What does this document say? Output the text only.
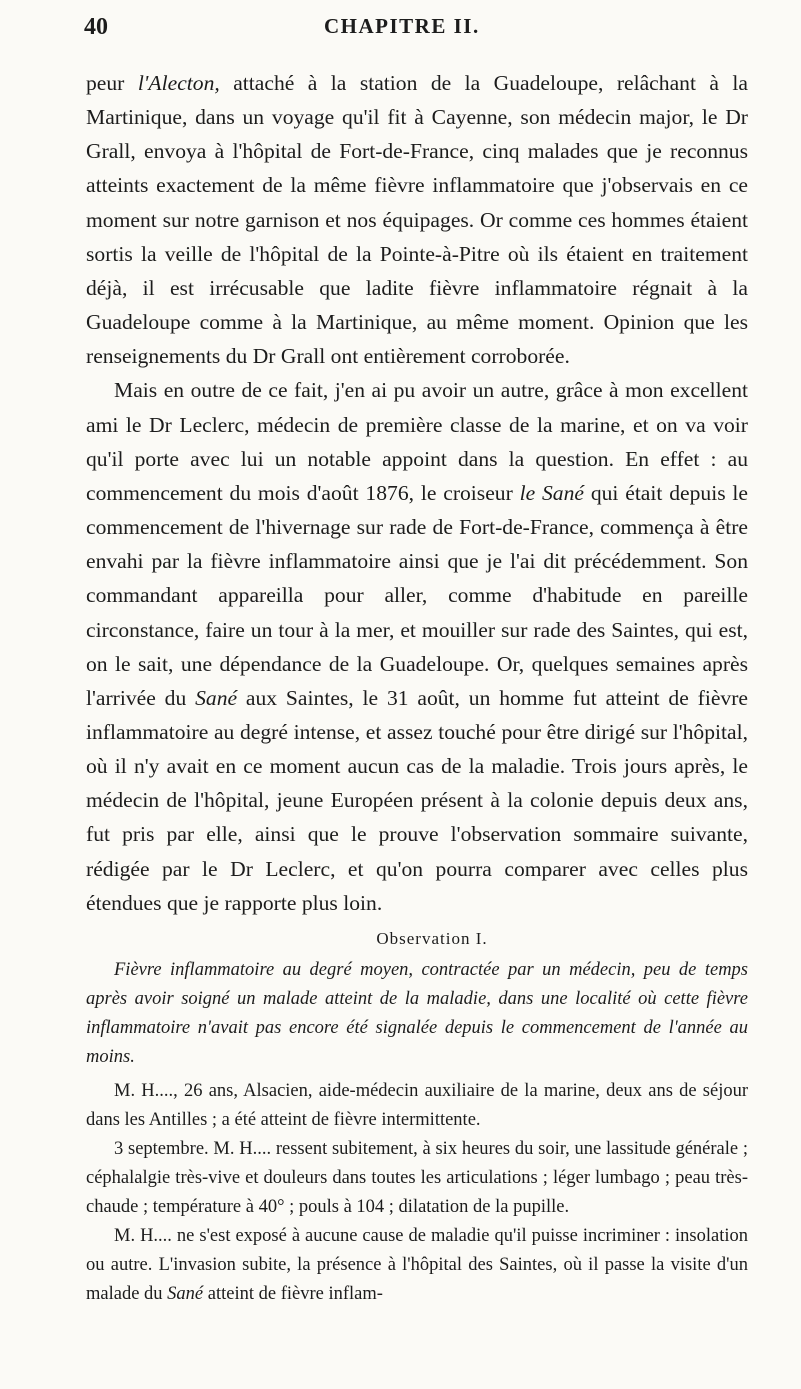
40	CHAPITRE II.

peur l'Alecton, attaché à la station de la Guadeloupe, relâchant à la Martinique, dans un voyage qu'il fit à Cayenne, son médecin major, le Dr Grall, envoya à l'hôpital de Fort-de-France, cinq malades que je reconnus atteints exactement de la même fièvre inflammatoire que j'observais en ce moment sur notre garnison et nos équipages. Or comme ces hommes étaient sortis la veille de l'hôpital de la Pointe-à-Pitre où ils étaient en traitement déjà, il est irrécusable que ladite fièvre inflammatoire régnait à la Guadeloupe comme à la Martinique, au même moment. Opinion que les renseignements du Dr Grall ont entièrement corroborée.

Mais en outre de ce fait, j'en ai pu avoir un autre, grâce à mon excellent ami le Dr Leclerc, médecin de première classe de la marine, et on va voir qu'il porte avec lui un notable appoint dans la question. En effet : au commencement du mois d'août 1876, le croiseur le Sané qui était depuis le commencement de l'hivernage sur rade de Fort-de-France, commença à être envahi par la fièvre inflammatoire ainsi que je l'ai dit précédemment. Son commandant appareilla pour aller, comme d'habitude en pareille circonstance, faire un tour à la mer, et mouiller sur rade des Saintes, qui est, on le sait, une dépendance de la Guadeloupe. Or, quelques semaines après l'arrivée du Sané aux Saintes, le 31 août, un homme fut atteint de fièvre inflammatoire au degré intense, et assez touché pour être dirigé sur l'hôpital, où il n'y avait en ce moment aucun cas de la maladie. Trois jours après, le médecin de l'hôpital, jeune Européen présent à la colonie depuis deux ans, fut pris par elle, ainsi que le prouve l'observation sommaire suivante, rédigée par le Dr Leclerc, et qu'on pourra comparer avec celles plus étendues que je rapporte plus loin.

Observation I.

Fièvre inflammatoire au degré moyen, contractée par un médecin, peu de temps après avoir soigné un malade atteint de la maladie, dans une localité où cette fièvre inflammatoire n'avait pas encore été signalée depuis le commencement de l'année au moins.

M. H...., 26 ans, Alsacien, aide-médecin auxiliaire de la marine, deux ans de séjour dans les Antilles ; a été atteint de fièvre intermittente.

3 septembre. M. H.... ressent subitement, à six heures du soir, une lassitude générale ; céphalalgie très-vive et douleurs dans toutes les articulations ; léger lumbago ; peau très-chaude ; température à 40° ; pouls à 104 ; dilatation de la pupille.

M. H.... ne s'est exposé à aucune cause de maladie qu'il puisse incriminer : insolation ou autre. L'invasion subite, la présence à l'hôpital des Saintes, où il passe la visite d'un malade du Sané atteint de fièvre inflam-
